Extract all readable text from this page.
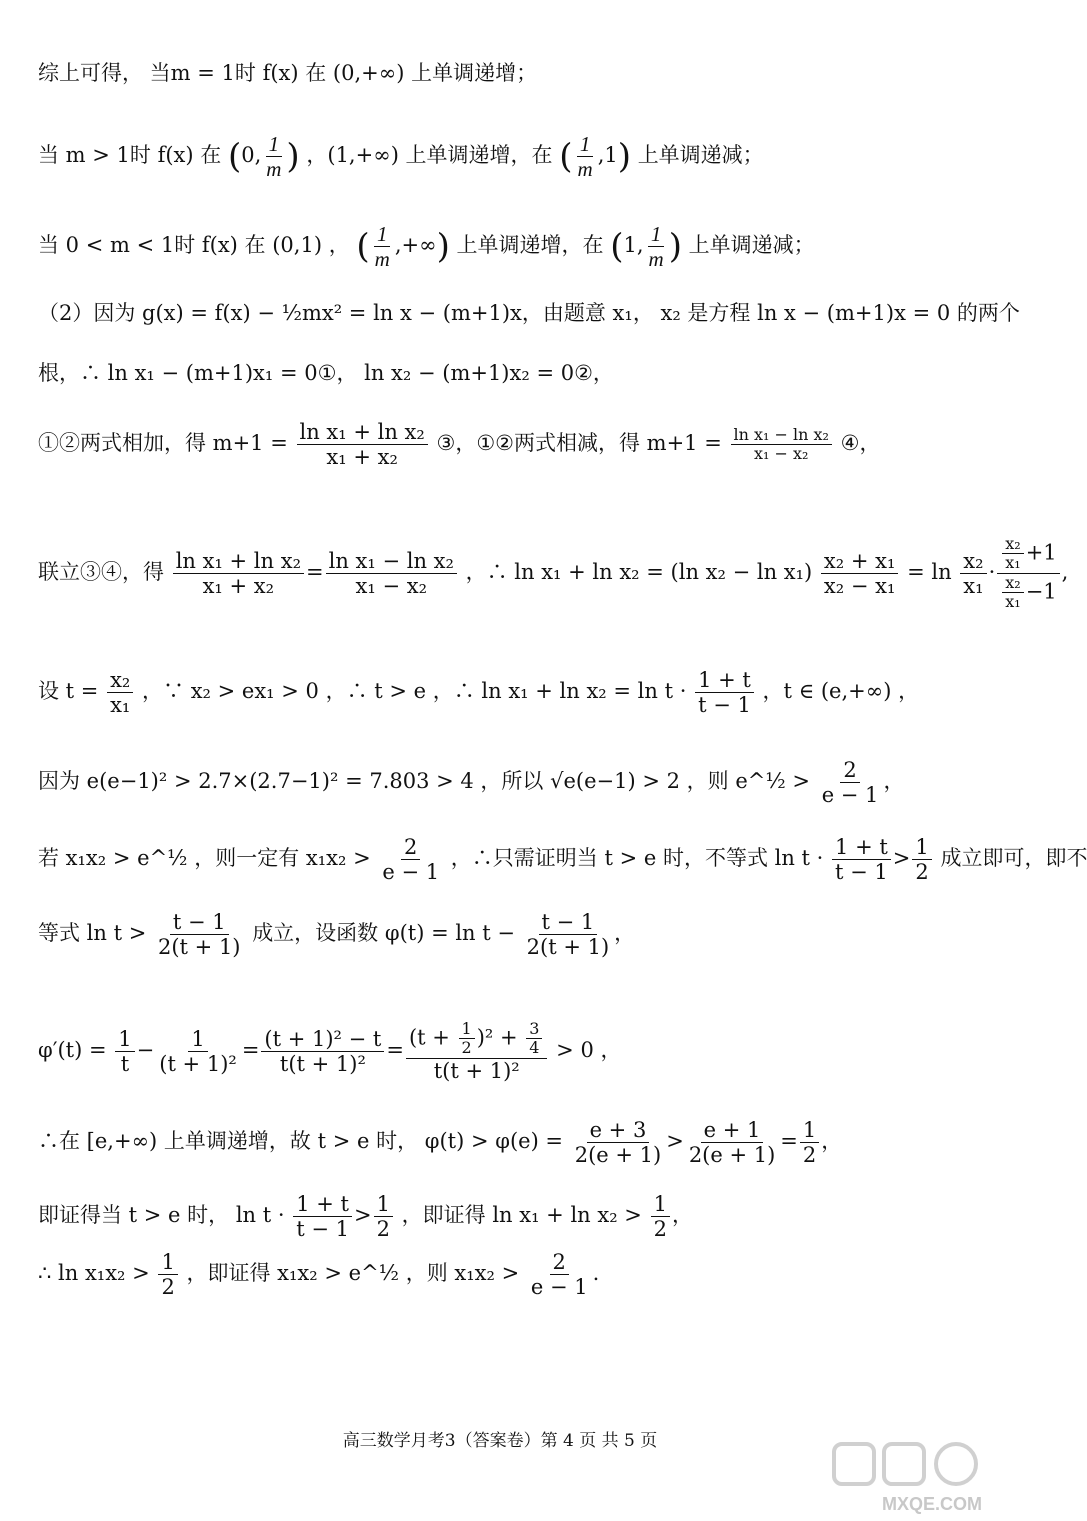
综上可得， 当m = 1时 f(x) 在 (0,+∞) 上单调递增；
当 m > 1时 f(x) 在 (0, $\frac{1}{m}$ ) ，(1,+∞) 上单调递增，在 ( $\frac{1}{m} ,1$) 上单调递减；
当 0 < m < 1时 f(x) 在 (0,1) ， ( $\frac{1}{m}$ ,+∞) 上单调递增，在 (1, $\frac{1}{m}$ ) 上单调递减；
（2）因为 g(x) = f(x) − ½mx² = ln x − (m+1)x，由题意 x₁， x₂ 是方程 ln x − (m+1)x = 0 的两个
根，∴ ln x₁ − (m+1)x₁ = 0①， ln x₂ − (m+1)x₂ = 0②，
①②两式相加，得 $m+1 = \frac{\text{ln x₁ + ln x₂}}{\text{x₁ + x₂}}$ ③，①②两式相减，得 $m+1 = \frac{\text{ln x₁ − ln x₂}}{\text{x₁ − x₂}}$ ④，
联立③④，得 $\frac{\text{ln x₁ + ln x₂}}{\text{x₁ + x₂}} = \frac{\text{ln x₁ − ln x₂}}{\text{x₁ − x₂}}$ ，∴ ln x₁ + ln x₂ = (ln $x_2 - \ln x_1) \frac{\text{x₂ + x₁}}{\text{x₂ − x₁}} = \ln \frac{\text{x₂}}{\text{x₁}} \cdot \frac{\frac{\text{x₂}}{\text{x₁}} +1}{\frac{\text{x₂}}{\text{x₁}} -1}$ ,
设 $t = \frac{\text{x₂}}{\text{x₁}}$ ，∵ x₂ > ex₁ > 0 ，∴ t > e ，∴ $\ln x_1 + \ln x_2 = \ln t \cdot \frac{1 + t}{t - 1}$ ，t ∈ (e,+∞) ，
因为 e(e−1)² > 2.7×(2.7−1)² = 7.803 > 4 ，所以 √e(e−1) > 2 ，则 e^½ > $\frac{2}{e - 1}$ ，
若 x₁x₂ > e^½ ，则一定有 $x_1x_2 > \frac{2}{e - 1}$ ，∴只需证明当 t > e 时，不等式 $\ln t \cdot \frac{1 + t}{t - 1} > \frac{1}{2}$ 成立即可，即不
等式 $\ln t > \frac{t - 1}{2(t + 1)}$ 成立，设函数 $\varphi(t) = \ln t - \frac{t - 1}{2(t + 1)}$ ，
$\varphi'(t) = \frac{1}{t} - \frac{1}{\text{(t + 1)²}} = \frac{\text{(t + 1)² − t}}{\text{t(t + 1)²}} = \frac{(t + \frac{1}{2} )^2 + \frac{3}{4}}{\text{t(t + 1)²}} > 0$ ，
∴在 [e,+∞) 上单调递增，故 t > e 时， $\varphi(t) > \varphi(e) = \frac{e + 3}{2(e + 1)} > \frac{e + 1}{2(e + 1)} = \frac{1}{2}$ ，
即证得当 t > e 时， $\ln t \cdot \frac{1 + t}{t - 1} > \frac{1}{2}$ ，即证得 $\ln x_1 + \ln x_2 > \frac{1}{2}$ ，
∴ $\ln x_1x_2 > \frac{1}{2}$ ，即证得 x₁x₂ > e^½ ，则 $x_1x_2 > \frac{2}{e - 1}$ .
高三数学月考3（答案卷）第 4 页 共 5 页
MXQE.COM
